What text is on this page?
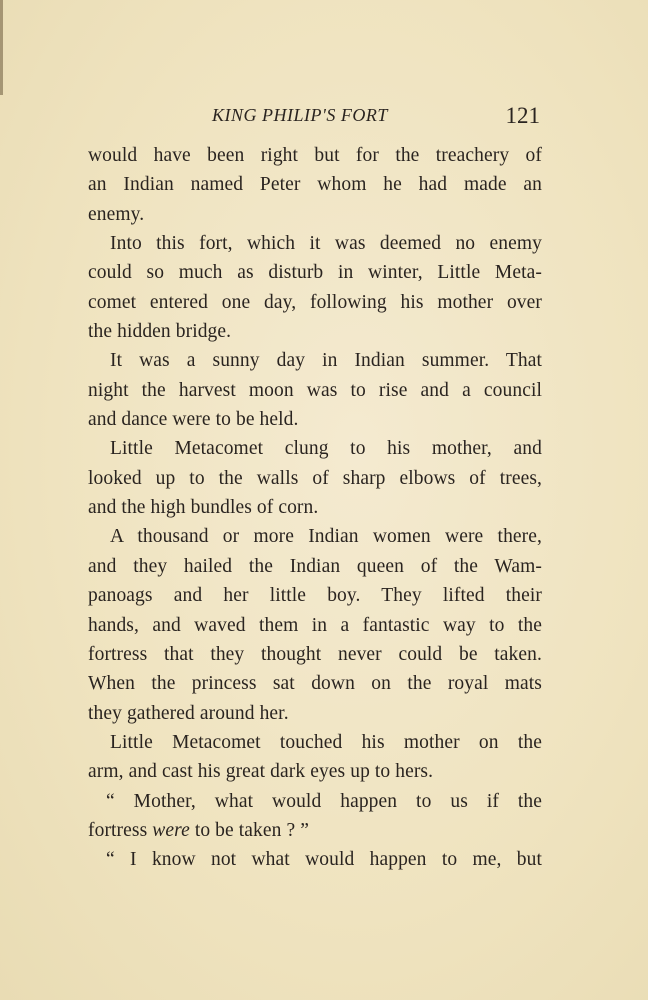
KING PHILIP'S FORT	121
would have been right but for the treachery of
an Indian named Peter whom he had made an
enemy.
Into this fort, which it was deemed no enemy
could so much as disturb in winter, Little Meta-
comet entered one day, following his mother over
the hidden bridge.
It was a sunny day in Indian summer. That
night the harvest moon was to rise and a council
and dance were to be held.
Little Metacomet clung to his mother, and
looked up to the walls of sharp elbows of trees,
and the high bundles of corn.
A thousand or more Indian women were there,
and they hailed the Indian queen of the Wam-
panoags and her little boy. They lifted their
hands, and waved them in a fantastic way to the
fortress that they thought never could be taken.
When the princess sat down on the royal mats
they gathered around her.
Little Metacomet touched his mother on the
arm, and cast his great dark eyes up to hers.
“ Mother, what would happen to us if the
fortress were to be taken ? ”
“ I know not what would happen to me, but
